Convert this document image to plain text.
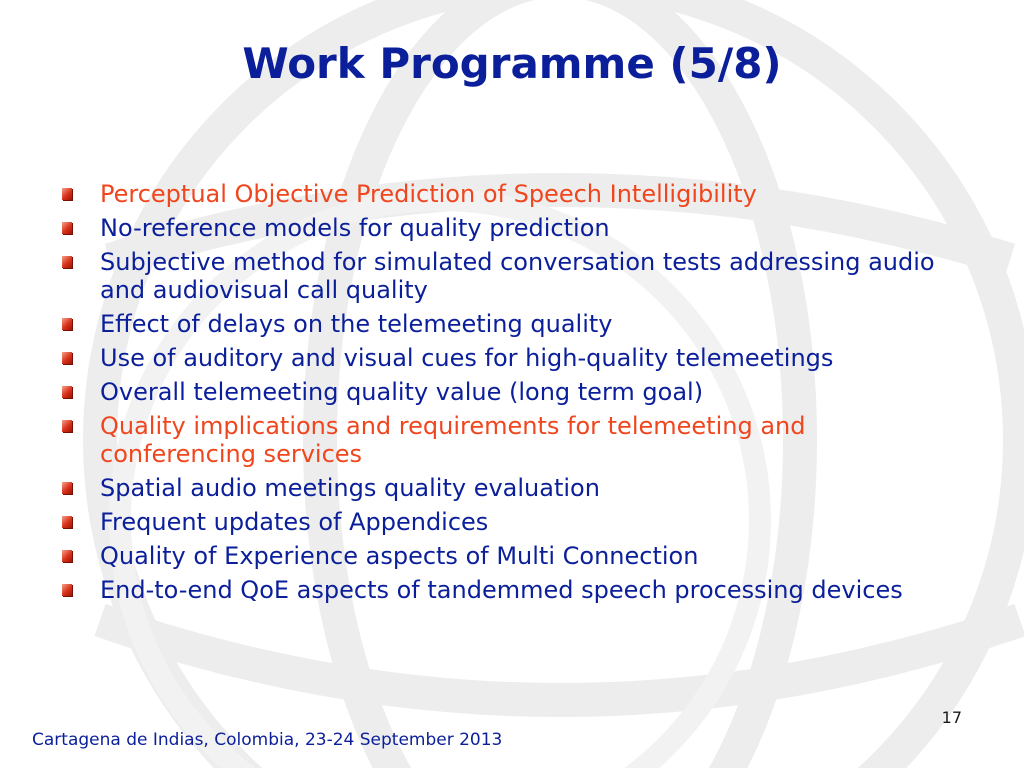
Work Programme (5/8)
Perceptual Objective Prediction of Speech Intelligibility
No-reference models for quality prediction
Subjective method for simulated conversation tests addressing audio and audiovisual call quality
Effect of delays on the telemeeting quality
Use of auditory and visual cues for high-quality telemeetings
Overall telemeeting quality value (long term goal)
Quality implications and requirements for telemeeting and conferencing services
Spatial audio meetings quality evaluation
Frequent updates of Appendices
Quality of Experience aspects of Multi Connection
End-to-end QoE aspects of tandemmed speech processing devices
17
Cartagena de Indias, Colombia, 23-24 September 2013
